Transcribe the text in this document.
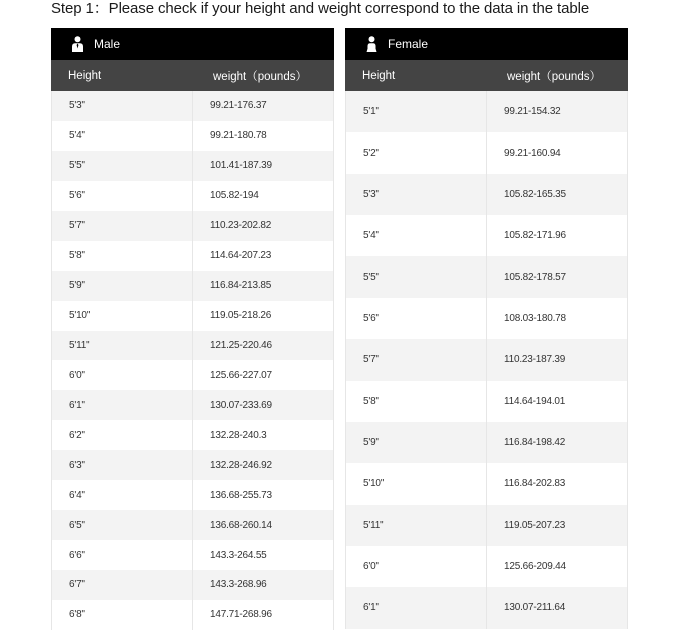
Step 1：Please check if your height and weight correspond to the data in the table
Male
Height	weight（pounds）
5'3''	99.21-176.37
5'4''	99.21-180.78
5'5''	101.41-187.39
5'6''	105.82-194
5'7''	110.23-202.82
5'8''	114.64-207.23
5'9''	116.84-213.85
5'10''	119.05-218.26
5'11''	121.25-220.46
6'0''	125.66-227.07
6'1''	130.07-233.69
6'2''	132.28-240.3
6'3''	132.28-246.92
6'4''	136.68-255.73
6'5''	136.68-260.14
6'6''	143.3-264.55
6'7''	143.3-268.96
6'8''	147.71-268.96
Female
Height	weight（pounds）
5'1''	99.21-154.32
5'2''	99.21-160.94
5'3''	105.82-165.35
5'4''	105.82-171.96
5'5''	105.82-178.57
5'6''	108.03-180.78
5'7''	110.23-187.39
5'8''	114.64-194.01
5'9''	116.84-198.42
5'10''	116.84-202.83
5'11''	119.05-207.23
6'0''	125.66-209.44
6'1''	130.07-211.64
